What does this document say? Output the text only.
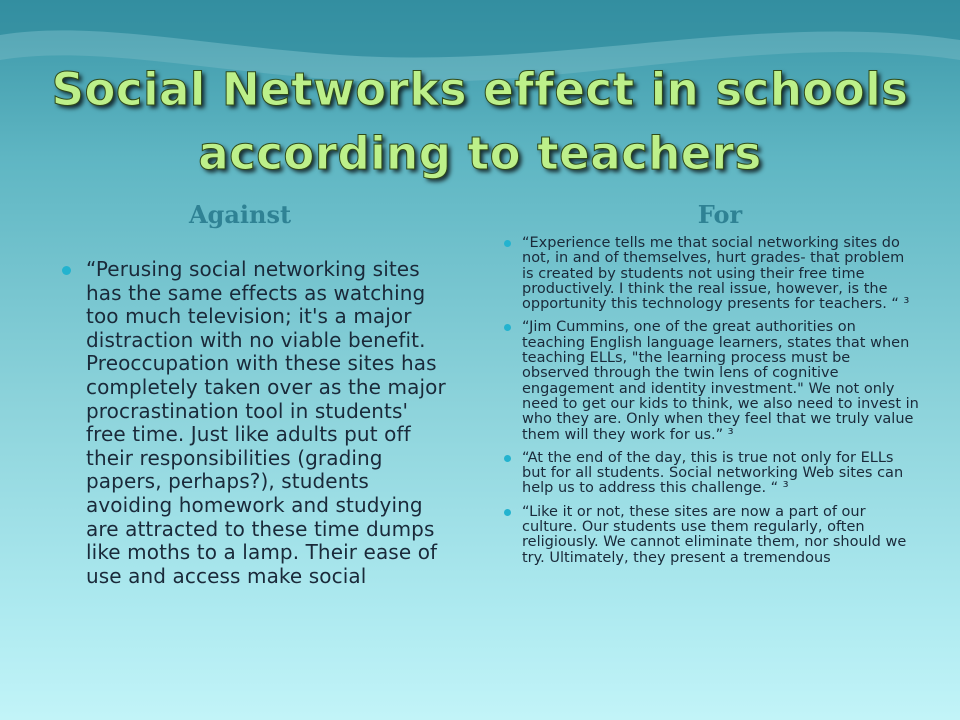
Social Networks effect in schools according to teachers
Against	For
“Perusing social networking sites has the same effects as watching too much television; it's a major distraction with no viable benefit. Preoccupation with these sites has completely taken over as the major procrastination tool in students' free time. Just like adults put off their responsibilities (grading papers, perhaps?), students avoiding homework and studying are attracted to these time dumps like moths to a lamp. Their ease of use and access make social
“Experience tells me that social networking sites do not, in and of themselves, hurt grades- that problem is created by students not using their free time productively. I think the real issue, however, is the opportunity this technology presents for teachers. “ ³
“Jim Cummins, one of the great authorities on teaching English language learners, states that when teaching ELLs, "the learning process must be observed through the twin lens of cognitive engagement and identity investment." We not only need to get our kids to think, we also need to invest in who they are. Only when they feel that we truly value them will they work for us.” ³
“At the end of the day, this is true not only for ELLs but for all students. Social networking Web sites can help us to address this challenge. “ ³
“Like it or not, these sites are now a part of our culture. Our students use them regularly, often religiously. We cannot eliminate them, nor should we try. Ultimately, they present a tremendous
